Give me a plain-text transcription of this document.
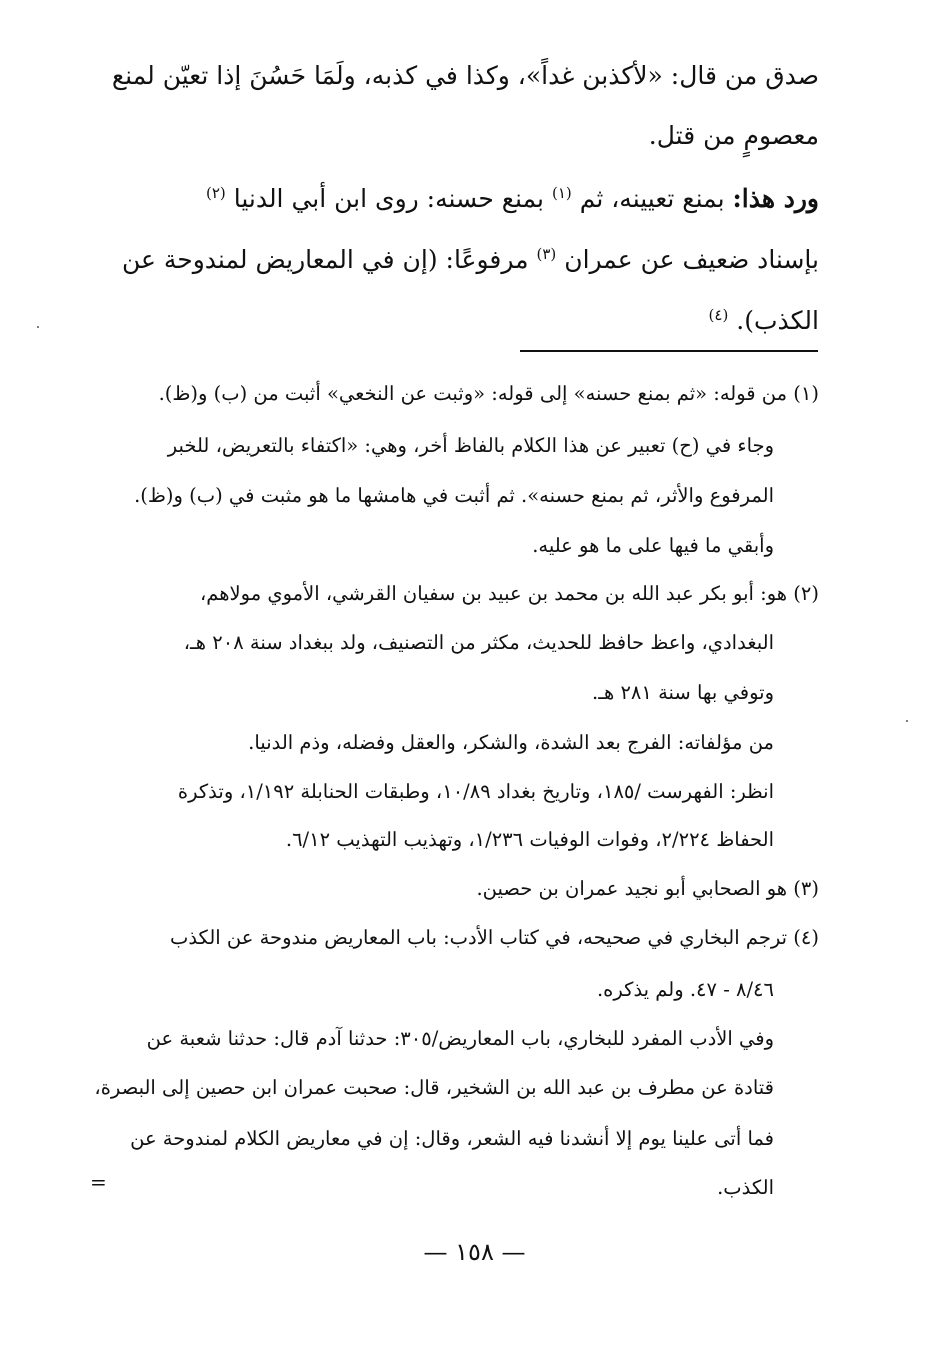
صدق من قال: «لأكذبن غداً»، وكذا في كذبه، ولَمَا حَسُنَ إذا تعيّن لمنع
معصومٍ من قتل.
ورد هذا: بمنع تعيينه، ثم $^{(١)}$ بمنع حسنه: روى ابن أبي الدنيا $^{(٢)}$
بإسناد ضعيف عن عمران $^{(٣)}$ مرفوعًا: (إن في المعاريض لمندوحة عن
الكذب). $^{(٤)}$
(١) من قوله: «ثم بمنع حسنه» إلى قوله: «وثبت عن النخعي» أثبت من (ب) و(ظ).
وجاء في (ح) تعبير عن هذا الكلام بالفاظ أخر، وهي: «اكتفاء بالتعريض، للخبر
المرفوع والأثر، ثم بمنع حسنه». ثم أثبت في هامشها ما هو مثبت في (ب) و(ظ).
وأبقي ما فيها على ما هو عليه.
(٢) هو: أبو بكر عبد الله بن محمد بن عبيد بن سفيان القرشي، الأموي مولاهم،
البغدادي، واعظ حافظ للحديث، مكثر من التصنيف، ولد ببغداد سنة ٢٠٨ هـ،
وتوفي بها سنة ٢٨١ هـ.
من مؤلفاته: الفرج بعد الشدة، والشكر، والعقل وفضله، وذم الدنيا.
انظر: الفهرست /١٨٥، وتاريخ بغداد ١٠/٨٩، وطبقات الحنابلة ١/١٩٢، وتذكرة
الحفاظ ٢/٢٢٤، وفوات الوفيات ١/٢٣٦، وتهذيب التهذيب ٦/١٢.
(٣) هو الصحابي أبو نجيد عمران بن حصين.
(٤) ترجم البخاري في صحيحه، في كتاب الأدب: باب المعاريض مندوحة عن الكذب
٨/٤٦ - ٤٧. ولم يذكره.
وفي الأدب المفرد للبخاري، باب المعاريض/٣٠٥: حدثنا آدم قال: حدثنا شعبة عن
قتادة عن مطرف بن عبد الله بن الشخير، قال: صحبت عمران ابن حصين إلى البصرة،
فما أتى علينا يوم إلا أنشدنا فيه الشعر، وقال: إن في معاريض الكلام لمندوحة عن
الكذب.
=
— ١٥٨ —
